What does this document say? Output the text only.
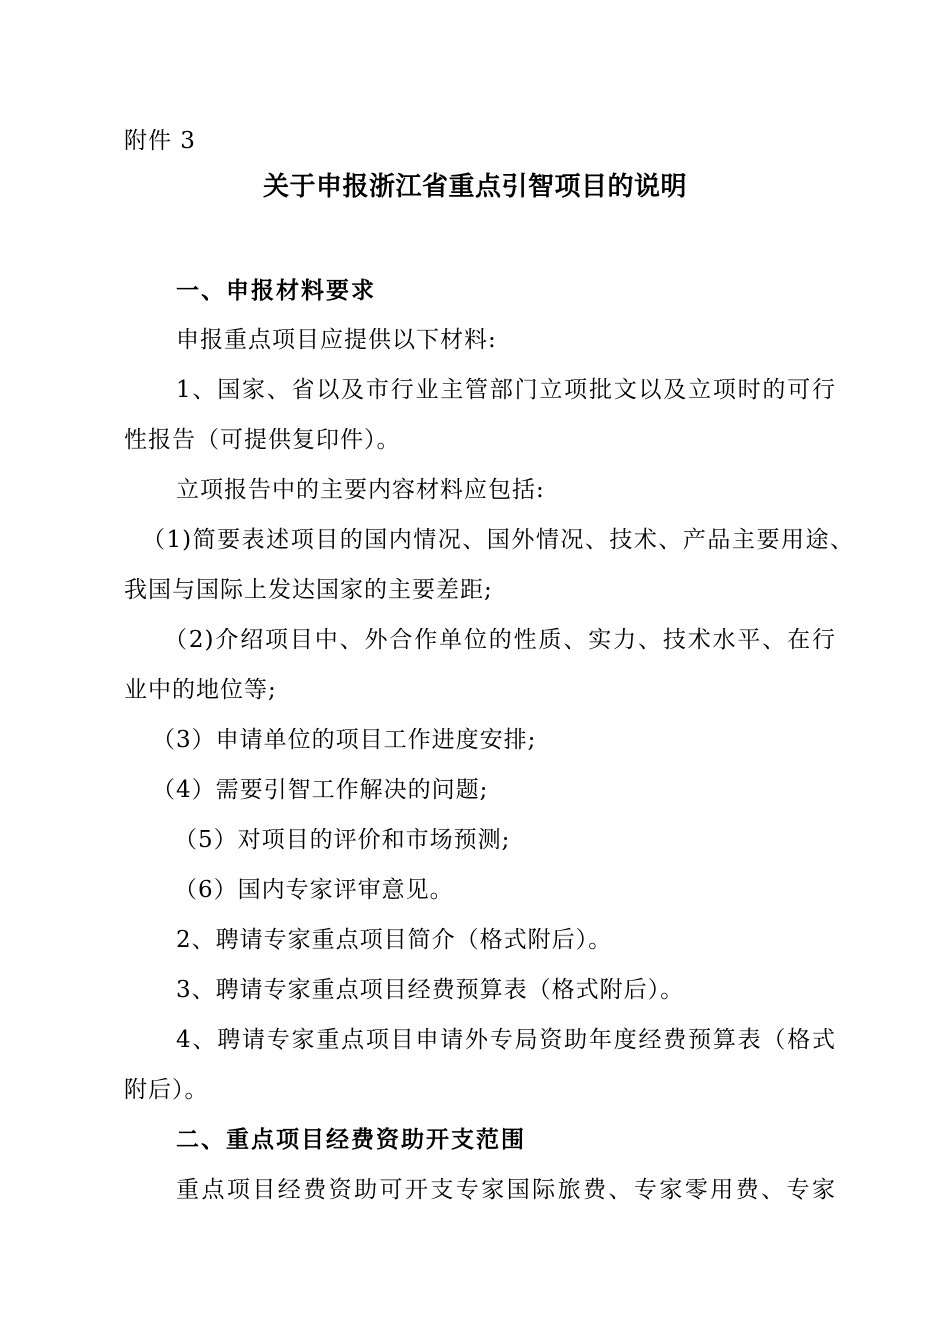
附件 3
关于申报浙江省重点引智项目的说明
一、申报材料要求
申报重点项目应提供以下材料:
1、国家、省以及市行业主管部门立项批文以及立项时的可行
性报告（可提供复印件）。
立项报告中的主要内容材料应包括:
（1)简要表述项目的国内情况、国外情况、技术、产品主要用途、
我国与国际上发达国家的主要差距;
（2)介绍项目中、外合作单位的性质、实力、技术水平、在行
业中的地位等;
（3）申请单位的项目工作进度安排;
（4）需要引智工作解决的问题;
（5）对项目的评价和市场预测;
（6）国内专家评审意见。
2、聘请专家重点项目简介（格式附后）。
3、聘请专家重点项目经费预算表（格式附后）。
4、聘请专家重点项目申请外专局资助年度经费预算表（格式
附后）。
二、重点项目经费资助开支范围
重点项目经费资助可开支专家国际旅费、专家零用费、专家
